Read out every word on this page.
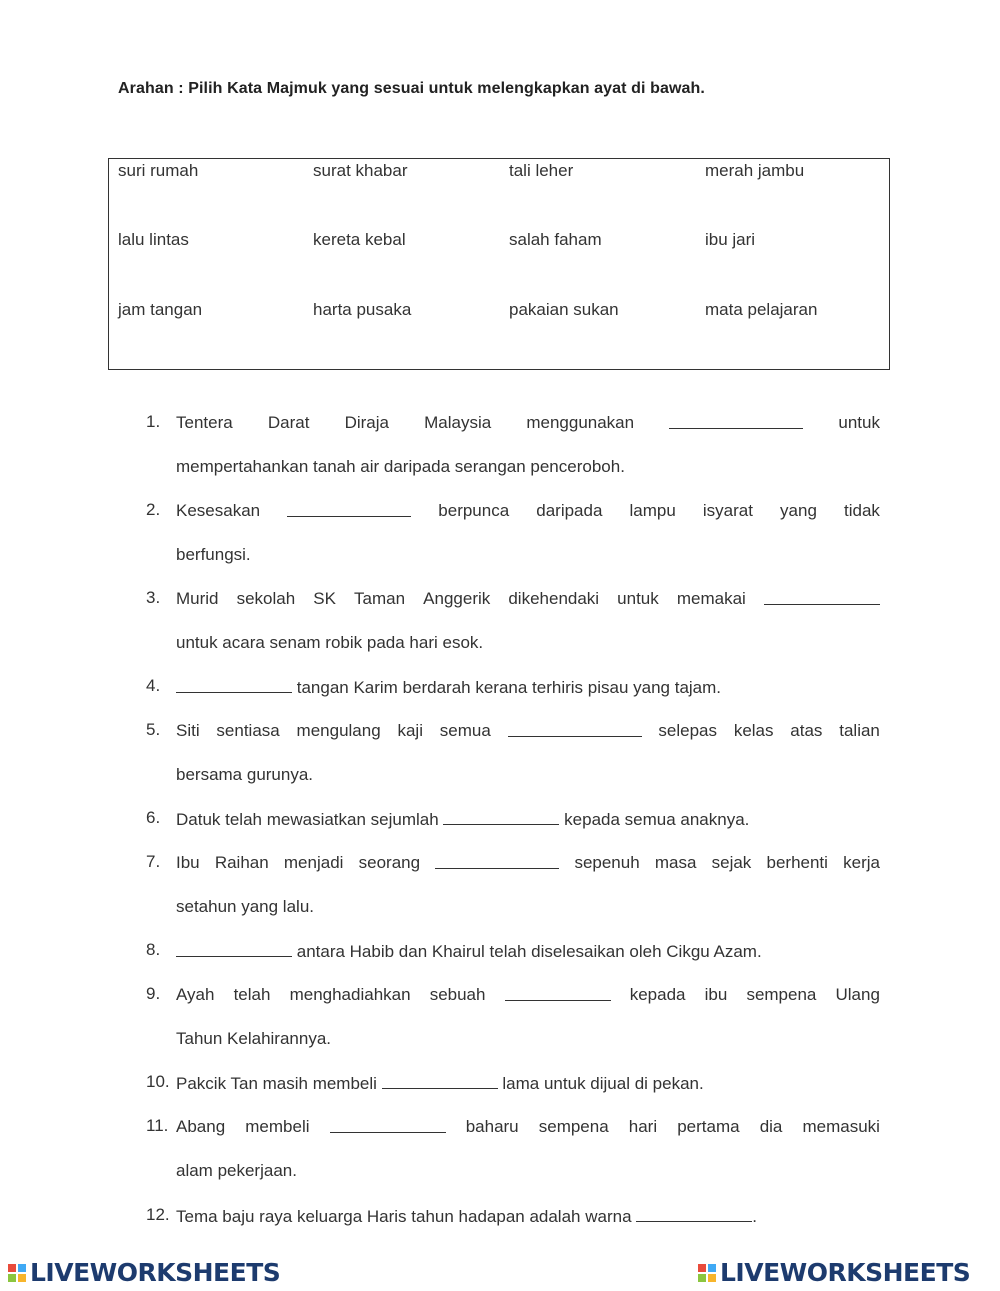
Arahan : Pilih Kata Majmuk yang sesuai untuk melengkapkan ayat di bawah.
suri rumah	surat khabar	tali leher	merah jambu
lalu lintas	kereta kebal	salah faham	ibu jari
jam tangan	harta pusaka	pakaian sukan	mata pelajaran
1. Tentera Darat Diraja Malaysia menggunakan	untuk
mempertahankan tanah air daripada serangan penceroboh.
2. Kesesakan	berpunca daripada lampu isyarat yang tidak
berfungsi.
3. Murid sekolah SK Taman Anggerik dikehendaki untuk memakai
untuk acara senam robik pada hari esok.
4.	tangan Karim berdarah kerana terhiris pisau yang tajam.
5. Siti sentiasa mengulang kaji semua	selepas kelas atas talian
bersama gurunya.
6. Datuk telah mewasiatkan sejumlah	kepada semua anaknya.
7. Ibu Raihan menjadi seorang	sepenuh masa sejak berhenti kerja
setahun yang lalu.
8.	antara Habib dan Khairul telah diselesaikan oleh Cikgu Azam.
9. Ayah telah menghadiahkan sebuah	kepada ibu sempena Ulang
Tahun Kelahirannya.
10. Pakcik Tan masih membeli	lama untuk dijual di pekan.
11. Abang membeli	baharu sempena hari pertama dia memasuki
alam pekerjaan.
12. Tema baju raya keluarga Haris tahun hadapan adalah warna	.
LIVEWORKSHEETS	LIVEWORKSHEETS
